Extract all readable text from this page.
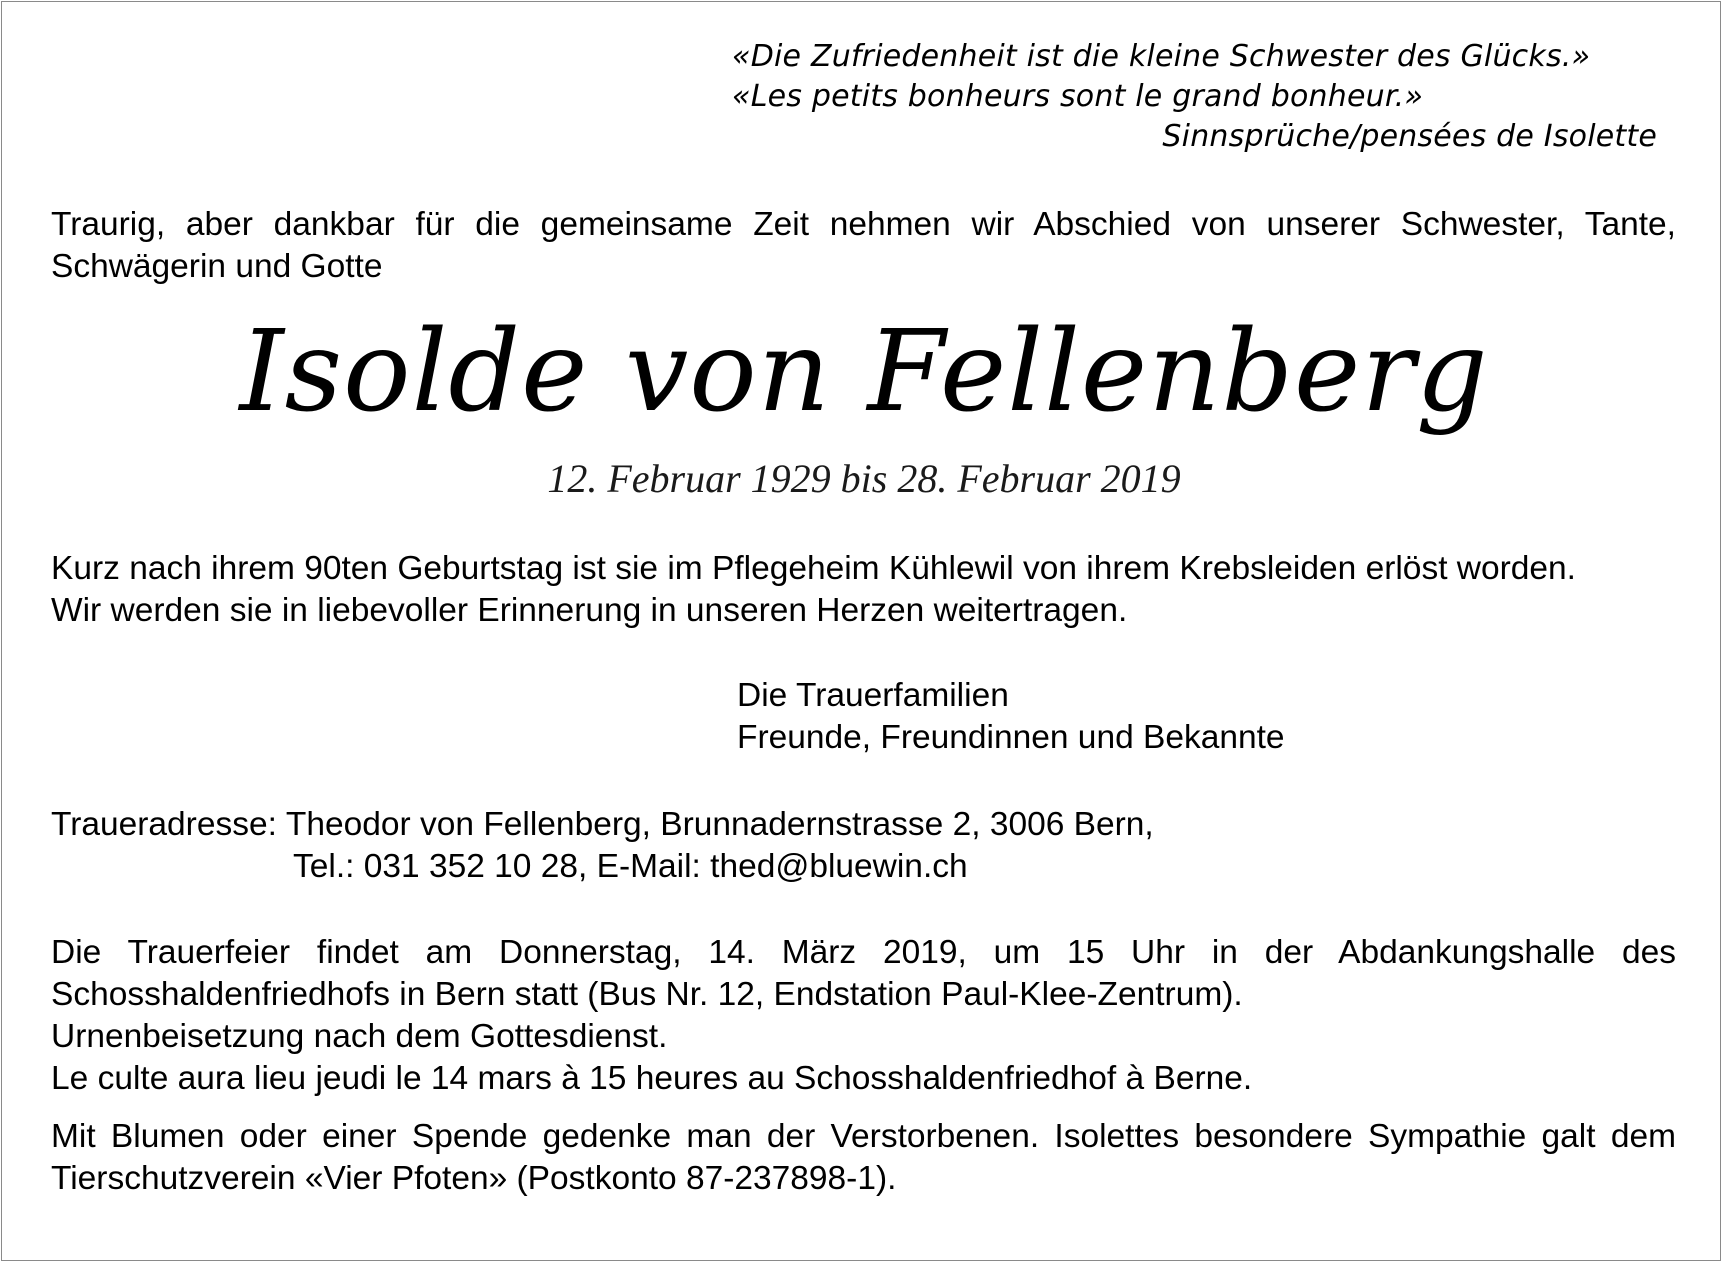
«Die Zufriedenheit ist die kleine Schwester des Glücks.»
«Les petits bonheurs sont le grand bonheur.»
Sinnsprüche/pensées de Isolette
Traurig, aber dankbar für die gemeinsame Zeit nehmen wir Abschied von unserer Schwester, Tante, Schwägerin und Gotte
Isolde von Fellenberg
12. Februar 1929 bis 28. Februar 2019
Kurz nach ihrem 90ten Geburtstag ist sie im Pflegeheim Kühlewil von ihrem Krebsleiden erlöst worden.
Wir werden sie in liebevoller Erinnerung in unseren Herzen weitertragen.
Die Trauerfamilien
Freunde, Freundinnen und Bekannte
Traueradresse: Theodor von Fellenberg, Brunnadernstrasse 2, 3006 Bern,
Tel.: 031 352 10 28, E-Mail: thed@bluewin.ch
Die Trauerfeier findet am Donnerstag, 14. März 2019, um 15 Uhr in der Abdankungshalle des Schosshaldenfriedhofs in Bern statt (Bus Nr. 12, Endstation Paul-Klee-Zentrum).
Urnenbeisetzung nach dem Gottesdienst.
Le culte aura lieu jeudi le 14 mars à 15 heures au Schosshaldenfriedhof à Berne.
Mit Blumen oder einer Spende gedenke man der Verstorbenen. Isolettes besondere Sympathie galt dem Tierschutzverein «Vier Pfoten» (Postkonto 87-237898-1).
